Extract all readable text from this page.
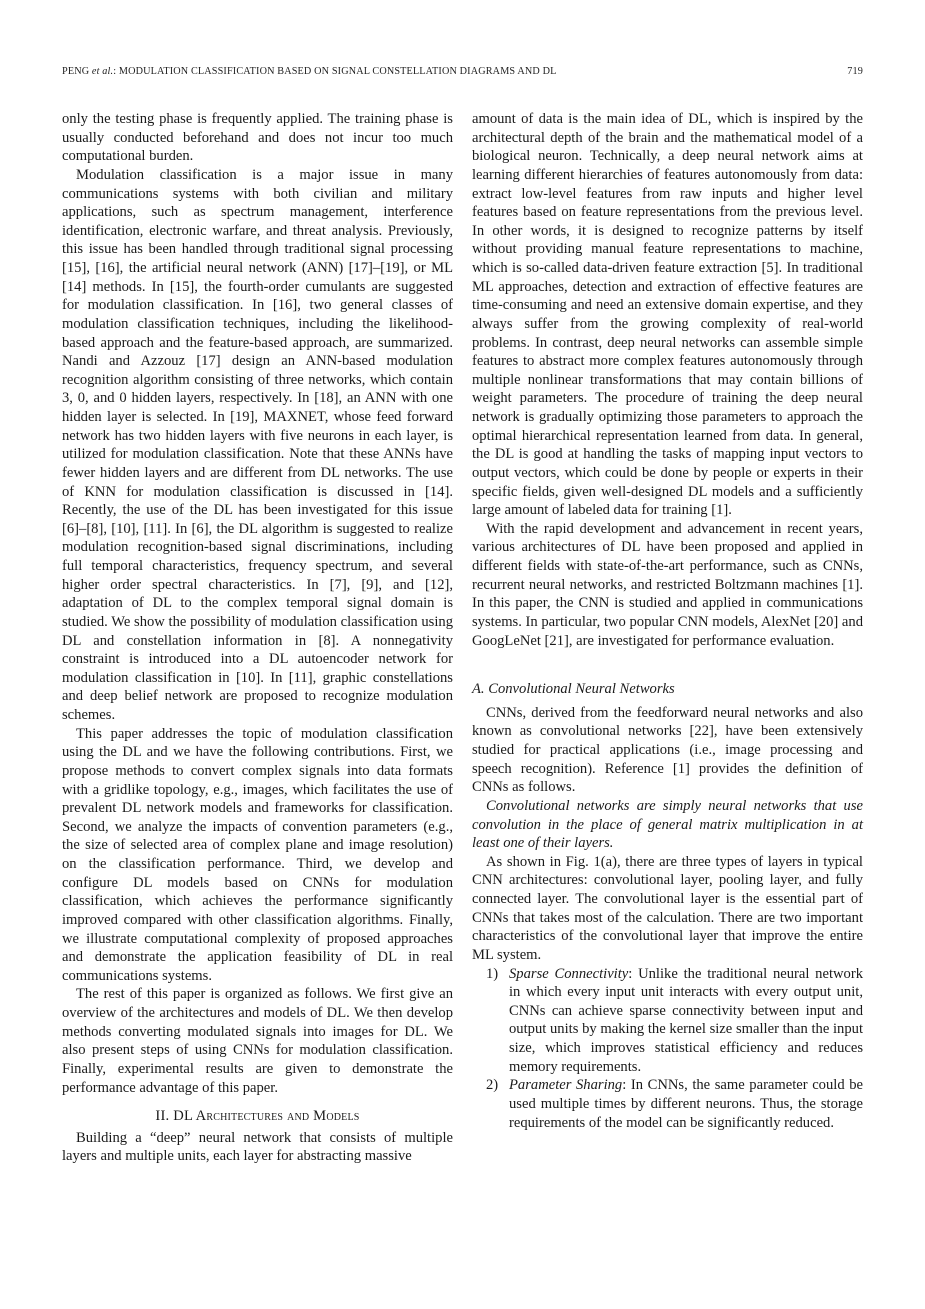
PENG et al.: MODULATION CLASSIFICATION BASED ON SIGNAL CONSTELLATION DIAGRAMS AND DL	719

only the testing phase is frequently applied. The training phase is usually conducted beforehand and does not incur too much computational burden.

Modulation classification is a major issue in many communications systems with both civilian and military applications, such as spectrum management, interference identification, electronic warfare, and threat analysis. Previously, this issue has been handled through traditional signal processing [15], [16], the artificial neural network (ANN) [17]–[19], or ML [14] methods. In [15], the fourth-order cumulants are suggested for modulation classification. In [16], two general classes of modulation classification techniques, including the likelihood-based approach and the feature-based approach, are summarized. Nandi and Azzouz [17] design an ANN-based modulation recognition algorithm consisting of three networks, which contain 3, 0, and 0 hidden layers, respectively. In [18], an ANN with one hidden layer is selected. In [19], MAXNET, whose feed forward network has two hidden layers with five neurons in each layer, is utilized for modulation classification. Note that these ANNs have fewer hidden layers and are different from DL networks. The use of KNN for modulation classification is discussed in [14]. Recently, the use of the DL has been investigated for this issue [6]–[8], [10], [11]. In [6], the DL algorithm is suggested to realize modulation recognition-based signal discriminations, including full temporal characteristics, frequency spectrum, and several higher order spectral characteristics. In [7], [9], and [12], adaptation of DL to the complex temporal signal domain is studied. We show the possibility of modulation classification using DL and constellation information in [8]. A nonnegativity constraint is introduced into a DL autoencoder network for modulation classification in [10]. In [11], graphic constellations and deep belief network are proposed to recognize modulation schemes.

This paper addresses the topic of modulation classification using the DL and we have the following contributions. First, we propose methods to convert complex signals into data formats with a gridlike topology, e.g., images, which facilitates the use of prevalent DL network models and frameworks for classification. Second, we analyze the impacts of convention parameters (e.g., the size of selected area of complex plane and image resolution) on the classification performance. Third, we develop and configure DL models based on CNNs for modulation classification, which achieves the performance significantly improved compared with other classification algorithms. Finally, we illustrate computational complexity of proposed approaches and demonstrate the application feasibility of DL in real communications systems.

The rest of this paper is organized as follows. We first give an overview of the architectures and models of DL. We then develop methods converting modulated signals into images for DL. We also present steps of using CNNs for modulation classification. Finally, experimental results are given to demonstrate the performance advantage of this paper.

II. DL Architectures and Models

Building a “deep” neural network that consists of multiple layers and multiple units, each layer for abstracting massive

amount of data is the main idea of DL, which is inspired by the architectural depth of the brain and the mathematical model of a biological neuron. Technically, a deep neural network aims at learning different hierarchies of features autonomously from data: extract low-level features from raw inputs and higher level features based on feature representations from the previous level. In other words, it is designed to recognize patterns by itself without providing manual feature representations to machine, which is so-called data-driven feature extraction [5]. In traditional ML approaches, detection and extraction of effective features are time-consuming and need an extensive domain expertise, and they always suffer from the growing complexity of real-world problems. In contrast, deep neural networks can assemble simple features to abstract more complex features autonomously through multiple nonlinear transformations that may contain billions of weight parameters. The procedure of training the deep neural network is gradually optimizing those parameters to approach the optimal hierarchical representation learned from data. In general, the DL is good at handling the tasks of mapping input vectors to output vectors, which could be done by people or experts in their specific fields, given well-designed DL models and a sufficiently large amount of labeled data for training [1].

With the rapid development and advancement in recent years, various architectures of DL have been proposed and applied in different fields with state-of-the-art performance, such as CNNs, recurrent neural networks, and restricted Boltzmann machines [1]. In this paper, the CNN is studied and applied in communications systems. In particular, two popular CNN models, AlexNet [20] and GoogLeNet [21], are investigated for performance evaluation.

A. Convolutional Neural Networks

CNNs, derived from the feedforward neural networks and also known as convolutional networks [22], have been extensively studied for practical applications (i.e., image processing and speech recognition). Reference [1] provides the definition of CNNs as follows.

Convolutional networks are simply neural networks that use convolution in the place of general matrix multiplication in at least one of their layers.

As shown in Fig. 1(a), there are three types of layers in typical CNN architectures: convolutional layer, pooling layer, and fully connected layer. The convolutional layer is the essential part of CNNs that takes most of the calculation. There are two important characteristics of the convolutional layer that improve the entire ML system.

1) Sparse Connectivity: Unlike the traditional neural network in which every input unit interacts with every output unit, CNNs can achieve sparse connectivity between input and output units by making the kernel size smaller than the input size, which improves statistical efficiency and reduces memory requirements.
2) Parameter Sharing: In CNNs, the same parameter could be used multiple times by different neurons. Thus, the storage requirements of the model can be significantly reduced.
